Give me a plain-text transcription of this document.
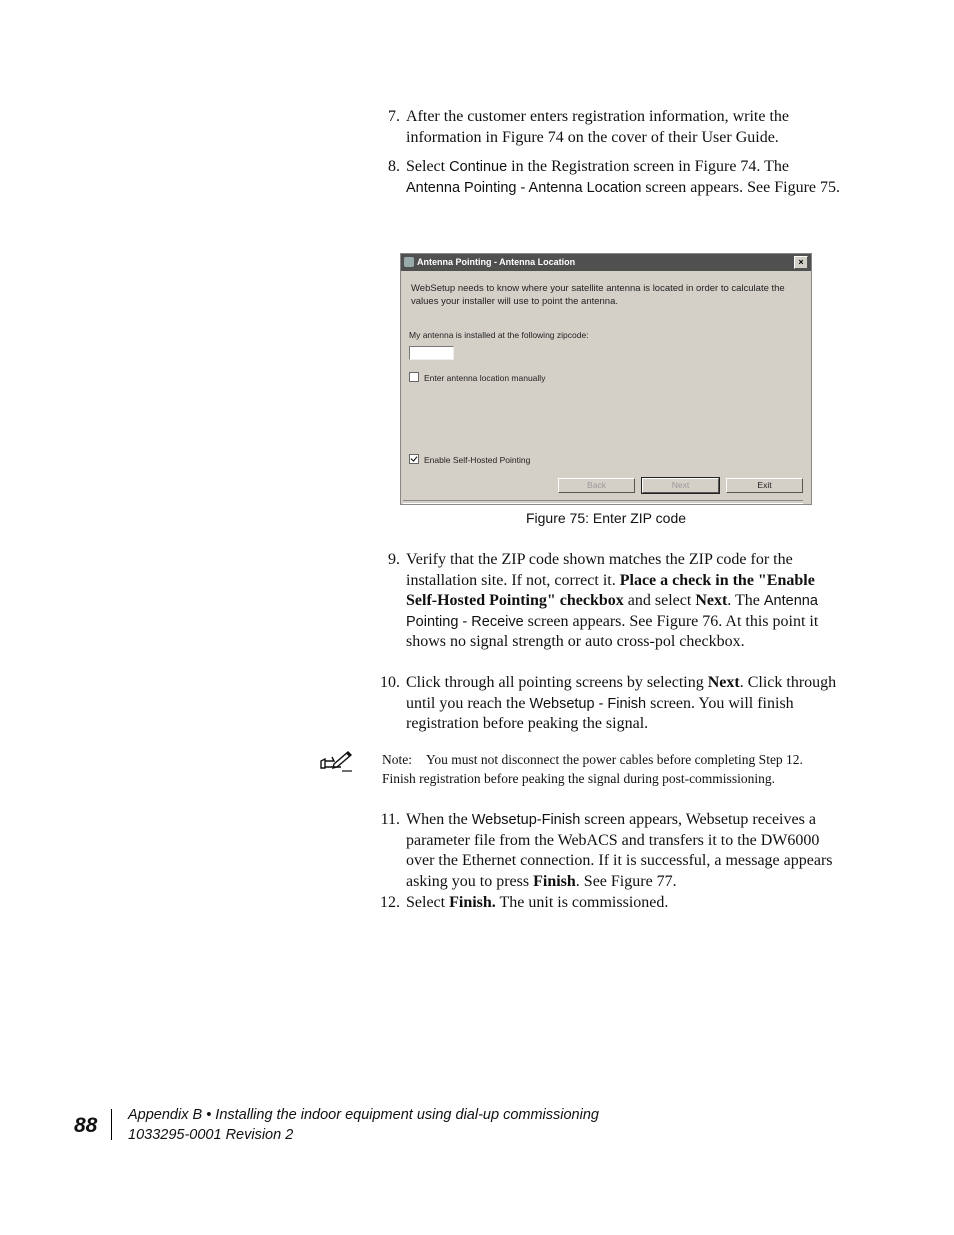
7. After the customer enters registration information, write the information in Figure 74 on the cover of their User Guide.
8. Select Continue in the Registration screen in Figure 74. The Antenna Pointing - Antenna Location screen appears. See Figure 75.
Antenna Pointing - Antenna Location	×
WebSetup needs to know where your satellite antenna is located in order to calculate the values your installer will use to point the antenna.
My antenna is installed at the following zipcode:
Enter antenna location manually
Enable Self-Hosted Pointing
Back	Next	Exit
Figure 75: Enter ZIP code
9. Verify that the ZIP code shown matches the ZIP code for the installation site. If not, correct it. Place a check in the "Enable Self-Hosted Pointing" checkbox and select Next. The Antenna Pointing - Receive screen appears. See Figure 76. At this point it shows no signal strength or auto cross-pol checkbox.
10. Click through all pointing screens by selecting Next. Click through until you reach the Websetup - Finish screen. You will finish registration before peaking the signal.
Note: You must not disconnect the power cables before completing Step 12. Finish registration before peaking the signal during post-commissioning.
11. When the Websetup-Finish screen appears, Websetup receives a parameter file from the WebACS and transfers it to the DW6000 over the Ethernet connection. If it is successful, a message appears asking you to press Finish. See Figure 77.
12. Select Finish. The unit is commissioned.
88 Appendix B • Installing the indoor equipment using dial-up commissioning
1033295-0001 Revision 2
